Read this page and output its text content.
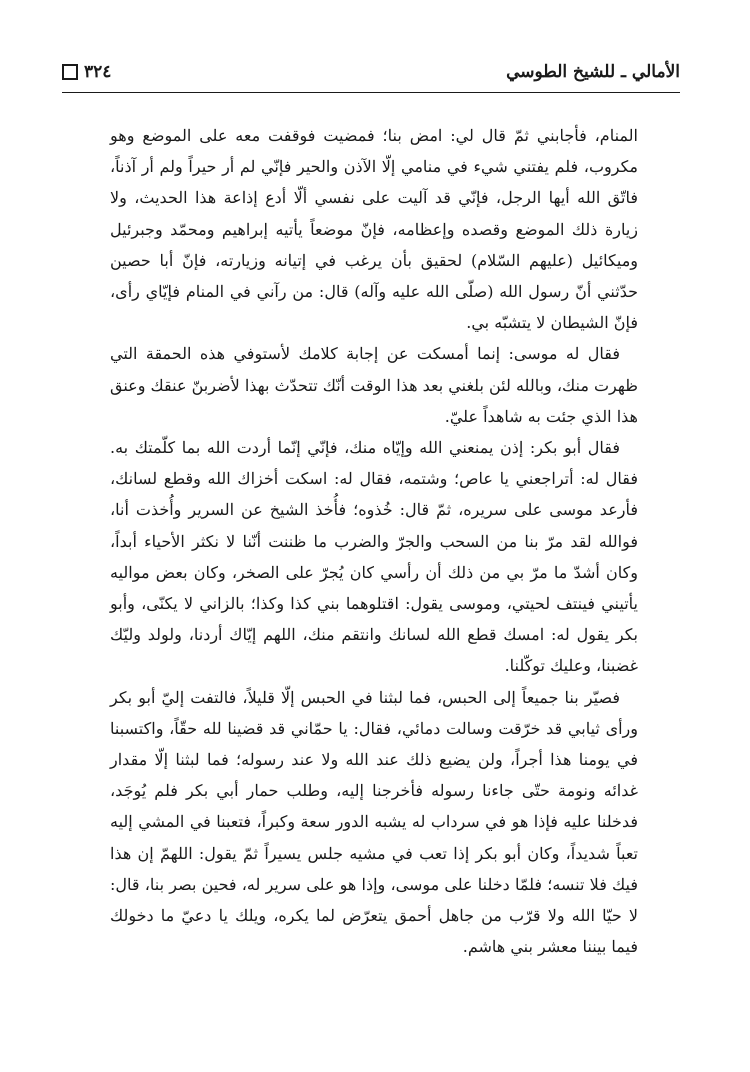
٣٢٤	الأمالي ـ للشيخ الطوسي

المنام، فأجابني ثمّ قال لي: امض بنا؛ فمضيت فوقفت معه على الموضع وهو مكروب، فلم يفتني شيء في منامي إلّا الآذن والحير فإنّي لم أر حيراً ولم أر آذناً، فاتّق الله أيها الرجل، فإنّي قد آليت على نفسي ألّا أدع إذاعة هذا الحديث، ولا زيارة ذلك الموضع وقصده وإعظامه، فإنّ موضعاً يأتيه إبراهيم ومحمّد وجبرئيل وميكائيل (عليهم السّلام) لحقيق بأن يرغب في إتيانه وزيارته، فإنّ أبا حصين حدّثني أنّ رسول الله (صلّى الله عليه وآله) قال: من رآني في المنام فإيّاي رأى، فإنّ الشيطان لا يتشبّه بي.

فقال له موسى: إنما أمسكت عن إجابة كلامك لأستوفي هذه الحمقة التي ظهرت منك، وبالله لئن بلغني بعد هذا الوقت أنّك تتحدّث بهذا لأضربنّ عنقك وعنق هذا الذي جئت به شاهداً عليّ.

فقال أبو بكر: إذن يمنعني الله وإيّاه منك، فإنّي إنّما أردت الله بما كلّمتك به. فقال له: أتراجعني يا عاص؛ وشتمه، فقال له: اسكت أخزاك الله وقطع لسانك، فأرعد موسى على سريره، ثمّ قال: خُذوه؛ فأُخذ الشيخ عن السرير وأُخذت أنا، فوالله لقد مرّ بنا من السحب والجرّ والضرب ما ظننت أنّنا لا نكثر الأحياء أبداً، وكان أشدّ ما مرّ بي من ذلك أن رأسي كان يُجرّ على الصخر، وكان بعض مواليه يأتيني فينتف لحيتي، وموسى يقول: اقتلوهما بني كذا وكذا؛ بالزاني لا يكنّى، وأبو بكر يقول له: امسك قطع الله لسانك وانتقم منك، اللهم إيّاك أردنا، ولولد وليّك غضبنا، وعليك توكّلنا.

فصيّر بنا جميعاً إلى الحبس، فما لبثنا في الحبس إلّا قليلاً، فالتفت إليّ أبو بكر ورأى ثيابي قد خرّقت وسالت دمائي، فقال: يا حمّاني قد قضينا لله حقّاً، واكتسبنا في يومنا هذا أجراً، ولن يضيع ذلك عند الله ولا عند رسوله؛ فما لبثنا إلّا مقدار غدائه ونومة حتّى جاءنا رسوله فأخرجنا إليه، وطلب حمار أبي بكر فلم يُوجَد، فدخلنا عليه فإذا هو في سرداب له يشبه الدور سعة وكبراً، فتعبنا في المشي إليه تعباً شديداً، وكان أبو بكر إذا تعب في مشيه جلس يسيراً ثمّ يقول: اللهمّ إن هذا فيك فلا تنسه؛ فلمّا دخلنا على موسى، وإذا هو على سرير له، فحين بصر بنا، قال: لا حيّا الله ولا قرّب من جاهل أحمق يتعرّض لما يكره، ويلك يا دعيّ ما دخولك فيما بيننا معشر بني هاشم.
